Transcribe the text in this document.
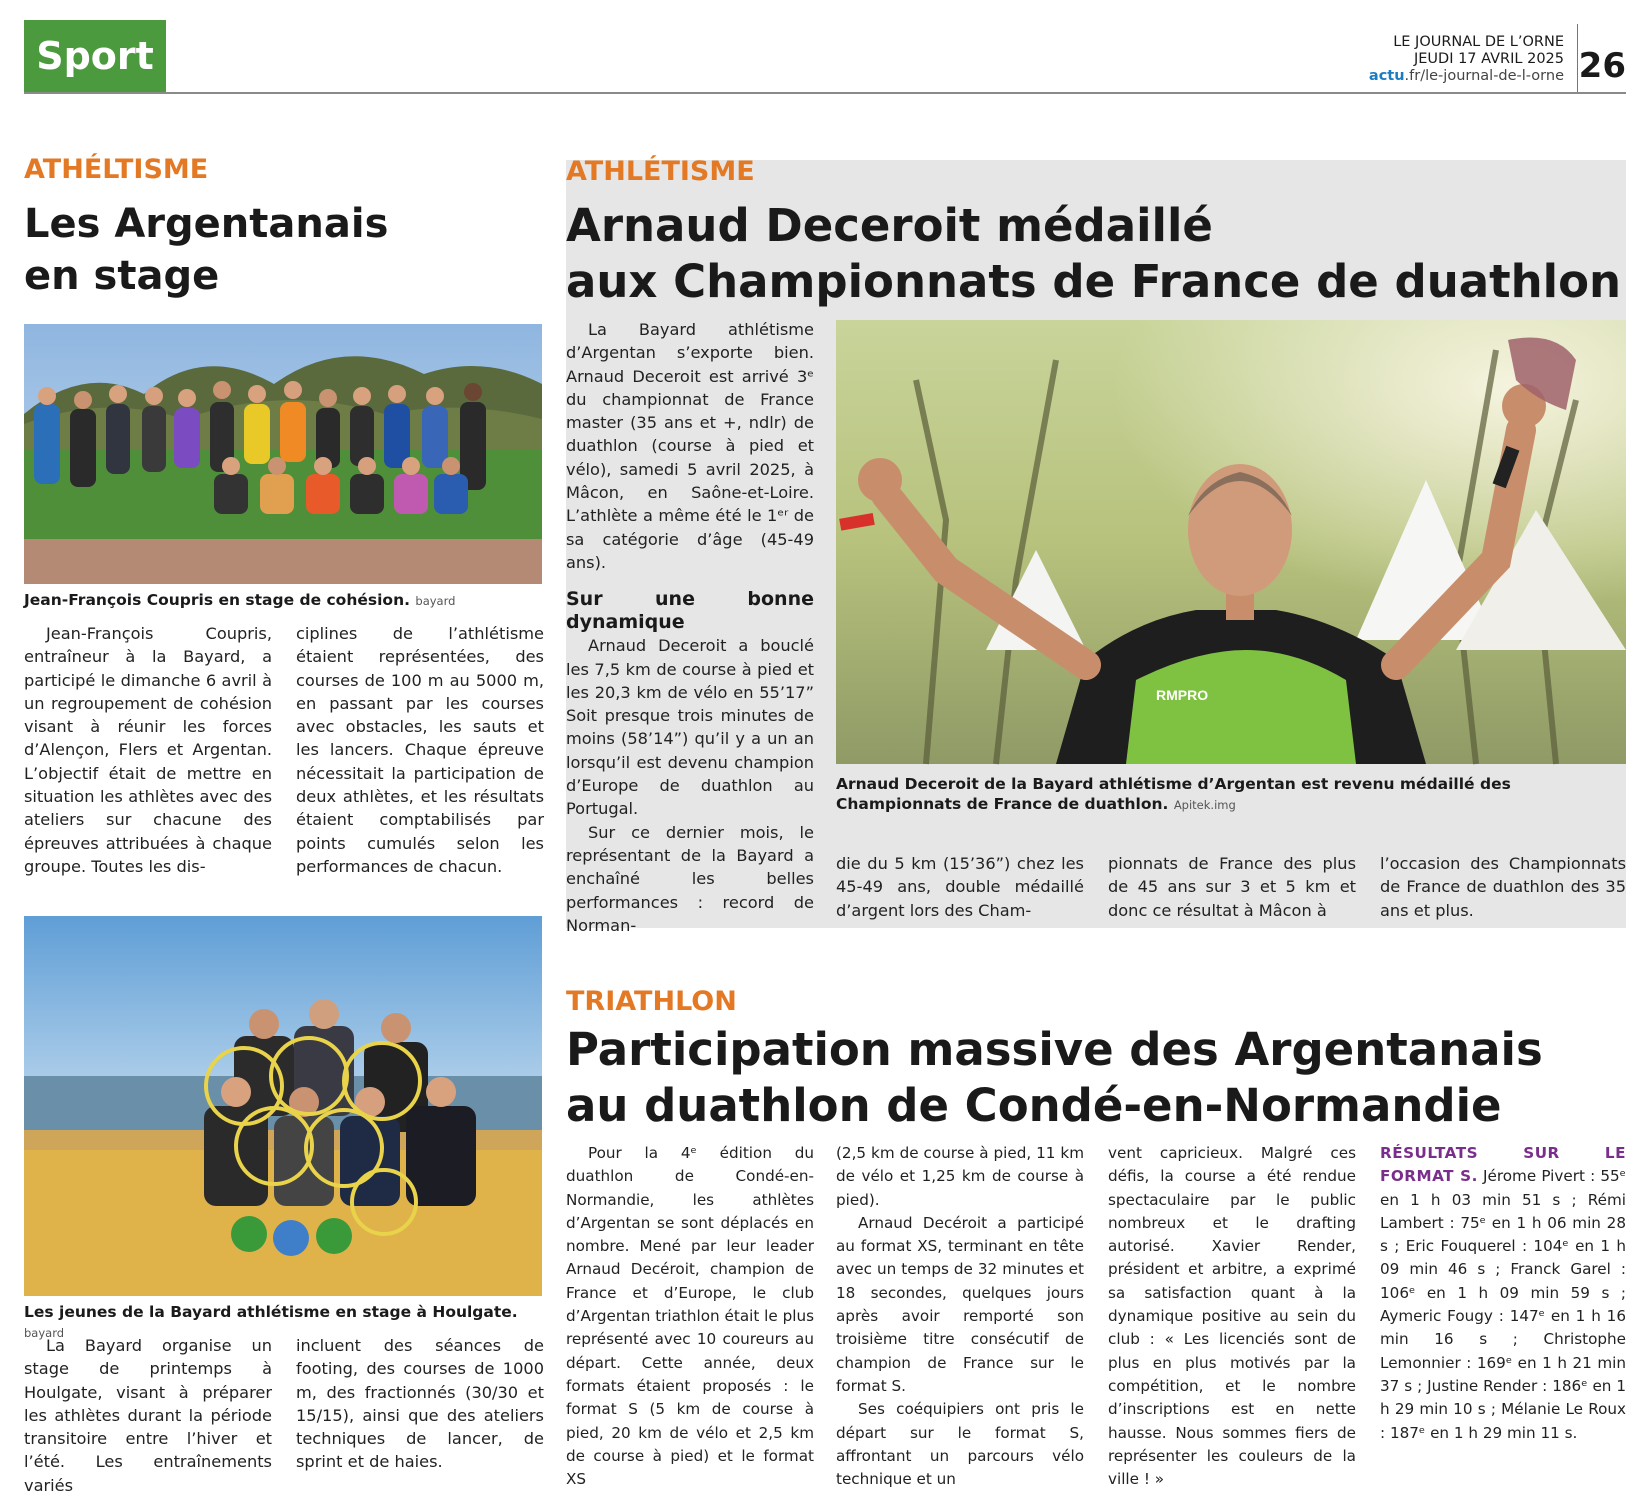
Sport	LE JOURNAL DE L’ORNE
JEUDI 17 AVRIL 2025
actu.fr/le-journal-de-l-orne 26
ATHÉLTISME
Les Argentanais
en stage
Jean-François Coupris en stage de cohésion. bayard

Jean-François Coupris, entraîneur à la Bayard, a participé le dimanche 6 avril à un regroupement de cohésion visant à réunir les forces d’Alençon, Flers et Argentan. L’objectif était de mettre en situation les athlètes avec des ateliers sur chacune des épreuves attribuées à chaque groupe. Toutes les dis-

ciplines de l’athlétisme étaient représentées, des courses de 100 m au 5000 m, en passant par les courses avec obstacles, les sauts et les lancers. Chaque épreuve nécessitait la participation de deux athlètes, et les résultats étaient comptabilisés par points cumulés selon les performances de chacun.

ATHLÉTISME
Arnaud Deceroit médaillé
aux Championnats de France de duathlon

La Bayard athlétisme d’Argentan s’exporte bien. Arnaud Deceroit est arrivé 3ᵉ du championnat de France master (35 ans et +, ndlr) de duathlon (course à pied et vélo), samedi 5 avril 2025, à Mâcon, en Saône-et-Loire. L’athlète a même été le 1ᵉʳ de sa catégorie d’âge (45-49 ans).

Sur une bonne dynamique

Arnaud Deceroit a bouclé les 7,5 km de course à pied et les 20,3 km de vélo en 55’17” Soit presque trois minutes de moins (58’14”) qu’il y a un an lorsqu’il est devenu champion d’Europe de duathlon au Portugal.

Sur ce dernier mois, le représentant de la Bayard a enchaîné les belles performances : record de Norman-

RMPRO
Arnaud Deceroit de la Bayard athlétisme d’Argentan est revenu médaillé des Championnats de France de duathlon. Apitek.img

die du 5 km (15’36”) chez les 45-49 ans, double médaillé d’argent lors des Cham-

pionnats de France des plus de 45 ans sur 3 et 5 km et donc ce résultat à Mâcon à

l’occasion des Championnats de France de duathlon des 35 ans et plus.

Les jeunes de la Bayard athlétisme en stage à Houlgate. bayard

La Bayard organise un stage de printemps à Houlgate, visant à préparer les athlètes durant la période transitoire entre l’hiver et l’été. Les entraînements variés

incluent des séances de footing, des courses de 1000 m, des fractionnés (30/30 et 15/15), ainsi que des ateliers techniques de lancer, de sprint et de haies.

TRIATHLON
Participation massive des Argentanais
au duathlon de Condé-en-Normandie

Pour la 4ᵉ édition du duathlon de Condé-en-Normandie, les athlètes d’Argentan se sont déplacés en nombre. Mené par leur leader Arnaud Decéroit, champion de France et d’Europe, le club d’Argentan triathlon était le plus représenté avec 10 coureurs au départ. Cette année, deux formats étaient proposés : le format S (5 km de course à pied, 20 km de vélo et 2,5 km de course à pied) et le format XS

(2,5 km de course à pied, 11 km de vélo et 1,25 km de course à pied).

Arnaud Decéroit a participé au format XS, terminant en tête avec un temps de 32 minutes et 18 secondes, quelques jours après avoir remporté son troisième titre consécutif de champion de France sur le format S.

Ses coéquipiers ont pris le départ sur le format S, affrontant un parcours vélo technique et un

vent capricieux. Malgré ces défis, la course a été rendue spectaculaire par le public nombreux et le drafting autorisé. Xavier Render, président et arbitre, a exprimé sa satisfaction quant à la dynamique positive au sein du club : « Les licenciés sont de plus en plus motivés par la compétition, et le nombre d’inscriptions est en nette hausse. Nous sommes fiers de représenter les couleurs de la ville ! »

RÉSULTATS SUR LE FORMAT S. Jérome Pivert : 55ᵉ en 1 h 03 min 51 s ; Rémi Lambert : 75ᵉ en 1 h 06 min 28 s ; Eric Fouquerel : 104ᵉ en 1 h 09 min 46 s ; Franck Garel : 106ᵉ en 1 h 09 min 59 s ; Aymeric Fougy : 147ᵉ en 1 h 16 min 16 s ; Christophe Lemonnier : 169ᵉ en 1 h 21 min 37 s ; Justine Render : 186ᵉ en 1 h 29 min 10 s ; Mélanie Le Roux : 187ᵉ en 1 h 29 min 11 s.
